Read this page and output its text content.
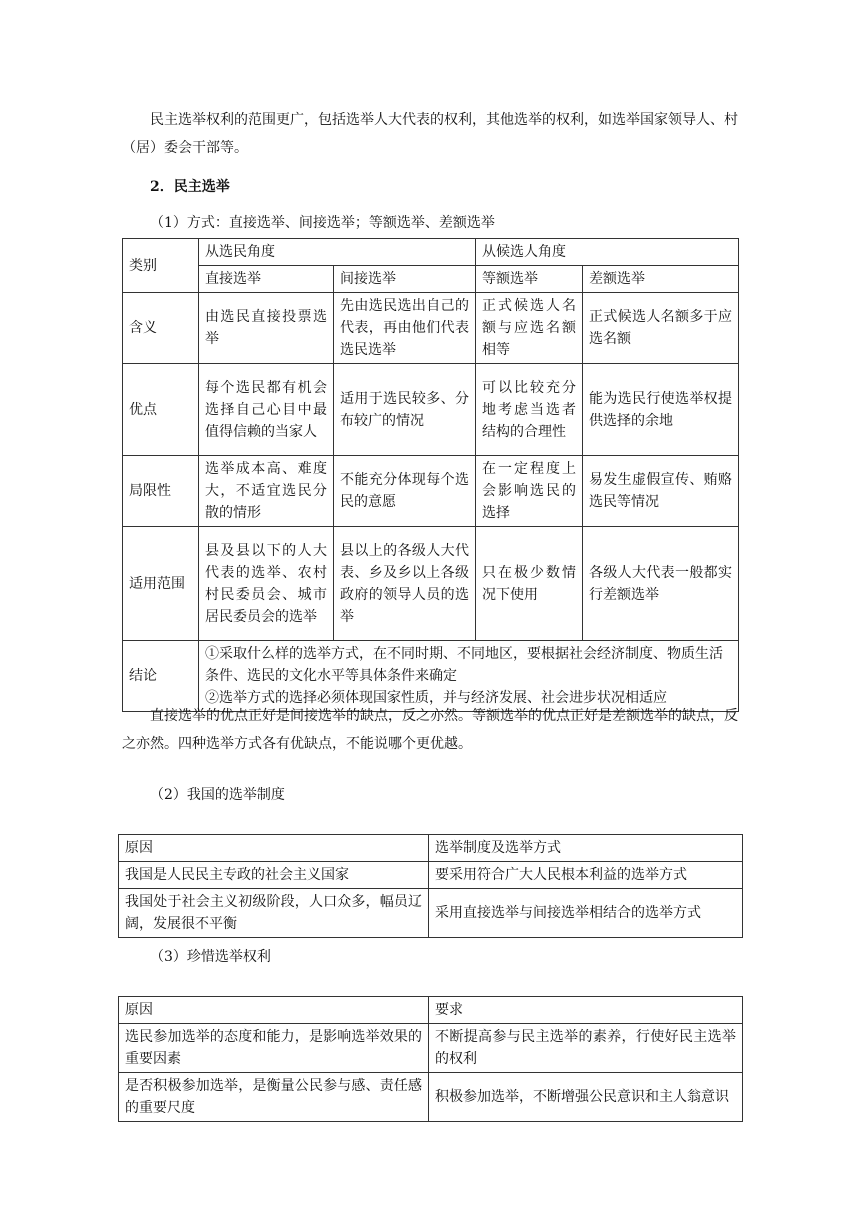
民主选举权利的范围更广，包括选举人大代表的权利，其他选举的权利，如选举国家领导人、村（居）委会干部等。

2．民主选举

（1）方式：直接选举、间接选举；等额选举、差额选举

类别	从选民角度		从候选人角度	
	直接选举	间接选举	等额选举	差额选举
含义	由选民直接投票选举	先由选民选出自己的代表，再由他们代表选民选举	正式候选人名额与应选名额相等	正式候选人名额多于应选名额
优点	每个选民都有机会选择自己心目中最值得信赖的当家人	适用于选民较多、分布较广的情况	可以比较充分地考虑当选者结构的合理性	能为选民行使选举权提供选择的余地
局限性	选举成本高、难度大，不适宜选民分散的情形	不能充分体现每个选民的意愿	在一定程度上会影响选民的选择	易发生虚假宣传、贿赂选民等情况
适用范围	县及县以下的人大代表的选举、农村村民委员会、城市居民委员会的选举	县以上的各级人大代表、乡及乡以上各级政府的领导人员的选举	只在极少数情况下使用	各级人大代表一般都实行差额选举
结论	①采取什么样的选举方式，在不同时期、不同地区，要根据社会经济制度、物质生活条件、选民的文化水平等具体条件来确定
②选举方式的选择必须体现国家性质，并与经济发展、社会进步状况相适应			

直接选举的优点正好是间接选举的缺点，反之亦然。等额选举的优点正好是差额选举的缺点，反之亦然。四种选举方式各有优缺点，不能说哪个更优越。

（2）我国的选举制度

原因	选举制度及选举方式
我国是人民民主专政的社会主义国家	要采用符合广大人民根本利益的选举方式
我国处于社会主义初级阶段，人口众多，幅员辽阔，发展很不平衡	采用直接选举与间接选举相结合的选举方式

（3）珍惜选举权利

原因	要求
选民参加选举的态度和能力，是影响选举效果的重要因素	不断提高参与民主选举的素养，行使好民主选举的权利
是否积极参加选举，是衡量公民参与感、责任感的重要尺度	积极参加选举，不断增强公民意识和主人翁意识
